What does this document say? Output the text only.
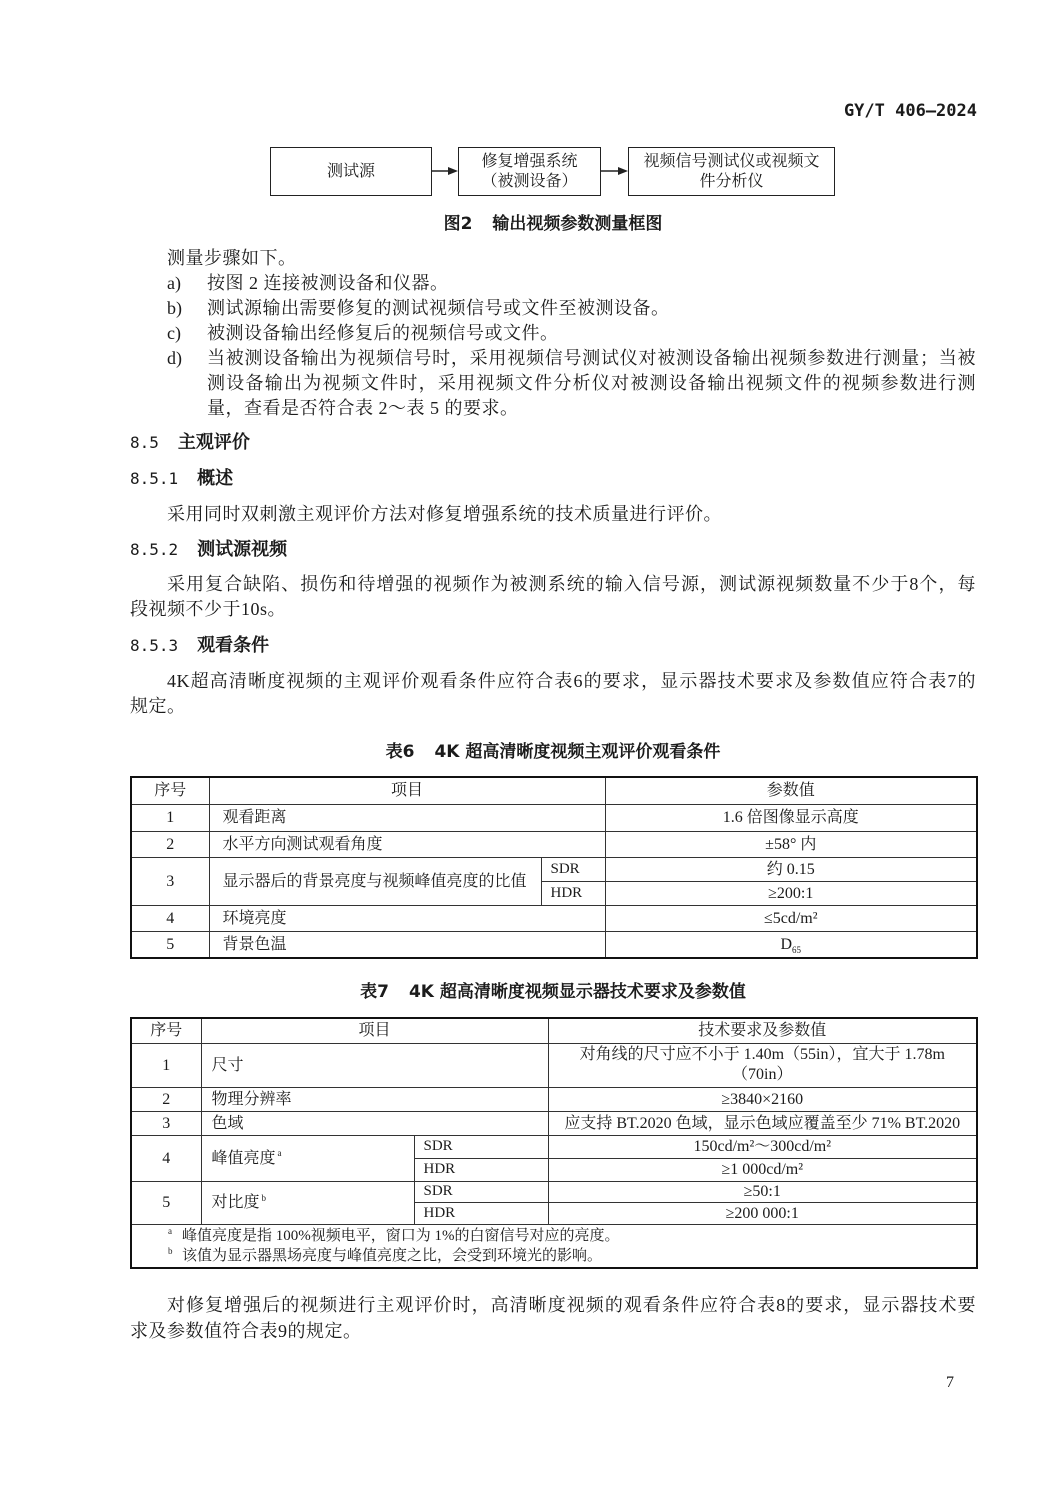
GY/T 406—2024
测试源
修复增强系统
（被测设备）
视频信号测试仪或视频文
件分析仪
图2 输出视频参数测量框图
测量步骤如下。
a) 按图 2 连接被测设备和仪器。
b) 测试源输出需要修复的测试视频信号或文件至被测设备。
c) 被测设备输出经修复后的视频信号或文件。
d) 当被测设备输出为视频信号时，采用视频信号测试仪对被测设备输出视频参数进行测量；当被
测设备输出为视频文件时，采用视频文件分析仪对被测设备输出视频文件的视频参数进行测
量，查看是否符合表 2～表 5 的要求。
8.5 主观评价
8.5.1 概述
采用同时双刺激主观评价方法对修复增强系统的技术质量进行评价。
8.5.2 测试源视频
采用复合缺陷、损伤和待增强的视频作为被测系统的输入信号源，测试源视频数量不少于8个，每
段视频不少于10s。
8.5.3 观看条件
4K超高清晰度视频的主观评价观看条件应符合表6的要求，显示器技术要求及参数值应符合表7的
规定。
表6 4K 超高清晰度视频主观评价观看条件
序号	项目		参数值
1	观看距离		1.6 倍图像显示高度
2	水平方向测试观看角度		±58° 内
3	显示器后的背景亮度与视频峰值亮度的比值	SDR	约 0.15
		HDR	≥200:1
4	环境亮度		≤5cd/m²
5	背景色温		$D_{65}$
表7 4K 超高清晰度视频显示器技术要求及参数值
序号	项目		技术要求及参数值
1	尺寸		对角线的尺寸应不小于 1.40m（55in），宜大于 1.78m
（70in）

2	物理分辨率		≥3840×2160
3	色域		应支持 BT.2020 色域，显示色域应覆盖至少 71% BT.2020
4	峰值亮度 $^a$	SDR	150cd/m²～300cd/m²
		HDR	≥1 000cd/m²
5	对比度 $^b$	SDR	≥50:1
		HDR	≥200 000:1

a 峰值亮度是指 100%视频电平，窗口为 1%的白窗信号对应的亮度。
b 该值为显示器黑场亮度与峰值亮度之比，会受到环境光的影响。			
对修复增强后的视频进行主观评价时，高清晰度视频的观看条件应符合表8的要求，显示器技术要
求及参数值符合表9的规定。
7
